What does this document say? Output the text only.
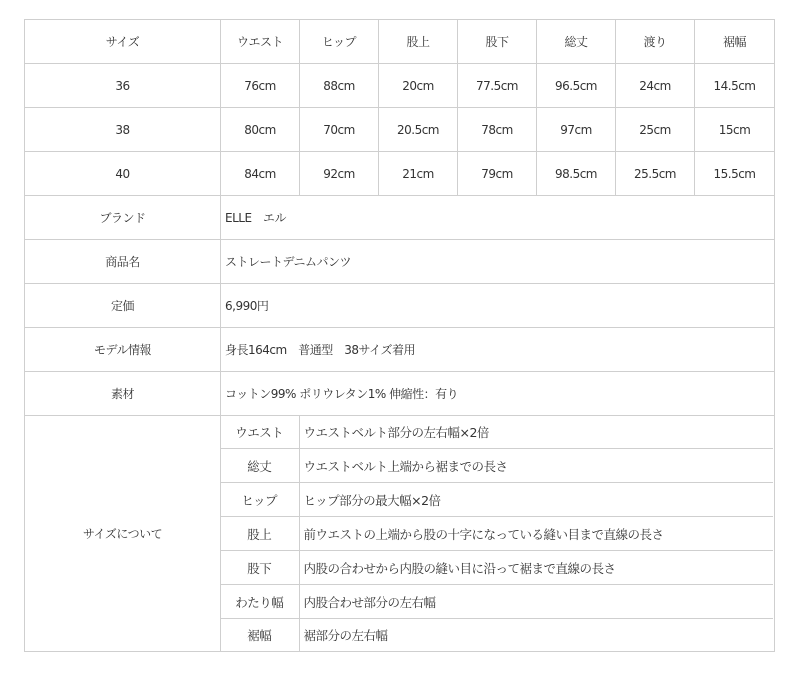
サイズ	ウエスト	ヒップ	股上	股下	総丈	渡り	裾幅
36	76cm	88cm	20cm	77.5cm	96.5cm	24cm	14.5cm
38	80cm	70cm	20.5cm	78cm	97cm	25cm	15cm
40	84cm	92cm	21cm	79cm	98.5cm	25.5cm	15.5cm
ブランド	ELLE　エル
商品名	ストレートデニムパンツ
定価	6,990円
モデル情報	身長164cm　普通型　38サイズ着用
素材	コットン99% ポリウレタン1% 伸縮性：有り
サイズについて	
ウエスト	ウエストベルト部分の左右幅×2倍
総丈	ウエストベルト上端から裾までの長さ
ヒップ	ヒップ部分の最大幅×2倍
股上	前ウエストの上端から股の十字になっている縫い目まで直線の長さ
股下	内股の合わせから内股の縫い目に沿って裾まで直線の長さ
わたり幅	内股合わせ部分の左右幅
裾幅	裾部分の左右幅
